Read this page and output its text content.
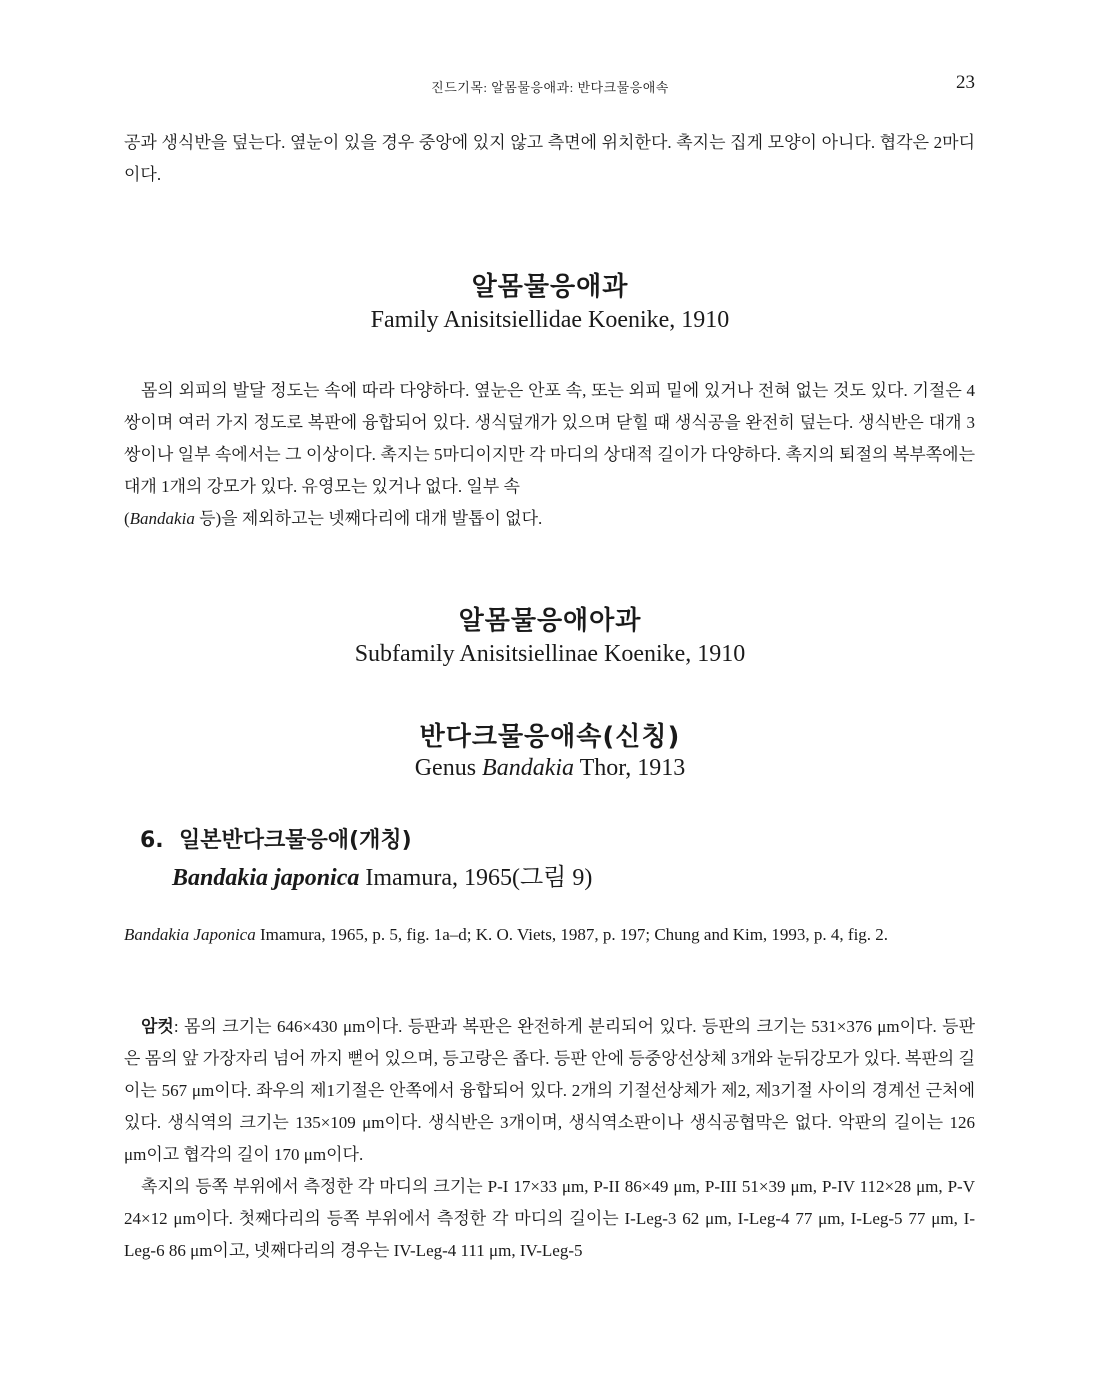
진드기목: 알몸물응애과: 반다크물응애속	23

공과 생식반을 덮는다. 옆눈이 있을 경우 중앙에 있지 않고 측면에 위치한다. 촉지는 집게 모양이 아니다. 협각은 2마디이다.

알몸물응애과
Family Anisitsiellidae Koenike, 1910

몸의 외피의 발달 정도는 속에 따라 다양하다. 옆눈은 안포 속, 또는 외피 밑에 있거나 전혀 없는 것도 있다. 기절은 4쌍이며 여러 가지 정도로 복판에 융합되어 있다. 생식덮개가 있으며 닫힐 때 생식공을 완전히 덮는다. 생식반은 대개 3쌍이나 일부 속에서는 그 이상이다. 촉지는 5마디이지만 각 마디의 상대적 길이가 다양하다. 촉지의 퇴절의 복부쪽에는 대개 1개의 강모가 있다. 유영모는 있거나 없다. 일부 속
(Bandakia 등)을 제외하고는 넷째다리에 대개 발톱이 없다.

알몸물응애아과
Subfamily Anisitsiellinae Koenike, 1910
반다크물응애속(신칭)
Genus Bandakia Thor, 1913
6. 일본반다크물응애(개칭)
Bandakia japonica Imamura, 1965(그림 9)

Bandakia Japonica Imamura, 1965, p. 5, fig. 1a–d; K. O. Viets, 1987, p. 197; Chung and Kim, 1993, p. 4, fig. 2.

암컷: 몸의 크기는 646×430 μm이다. 등판과 복판은 완전하게 분리되어 있다. 등판의 크기는 531×376 μm이다. 등판은 몸의 앞 가장자리 넘어 까지 뻗어 있으며, 등고랑은 좁다. 등판 안에 등중앙선상체 3개와 눈뒤강모가 있다. 복판의 길이는 567 μm이다. 좌우의 제1기절은 안쪽에서 융합되어 있다. 2개의 기절선상체가 제2, 제3기절 사이의 경계선 근처에 있다. 생식역의 크기는 135×109 μm이다. 생식반은 3개이며, 생식역소판이나 생식공협막은 없다. 악판의 길이는 126 μm이고 협각의 길이 170 μm이다.

촉지의 등쪽 부위에서 측정한 각 마디의 크기는 P-I 17×33 μm, P-II 86×49 μm, P-III 51×39 μm, P-IV 112×28 μm, P-V 24×12 μm이다. 첫째다리의 등쪽 부위에서 측정한 각 마디의 길이는 I-Leg-3 62 μm, I-Leg-4 77 μm, I-Leg-5 77 μm, I-Leg-6 86 μm이고, 넷째다리의 경우는 IV-Leg-4 111 μm, IV-Leg-5
